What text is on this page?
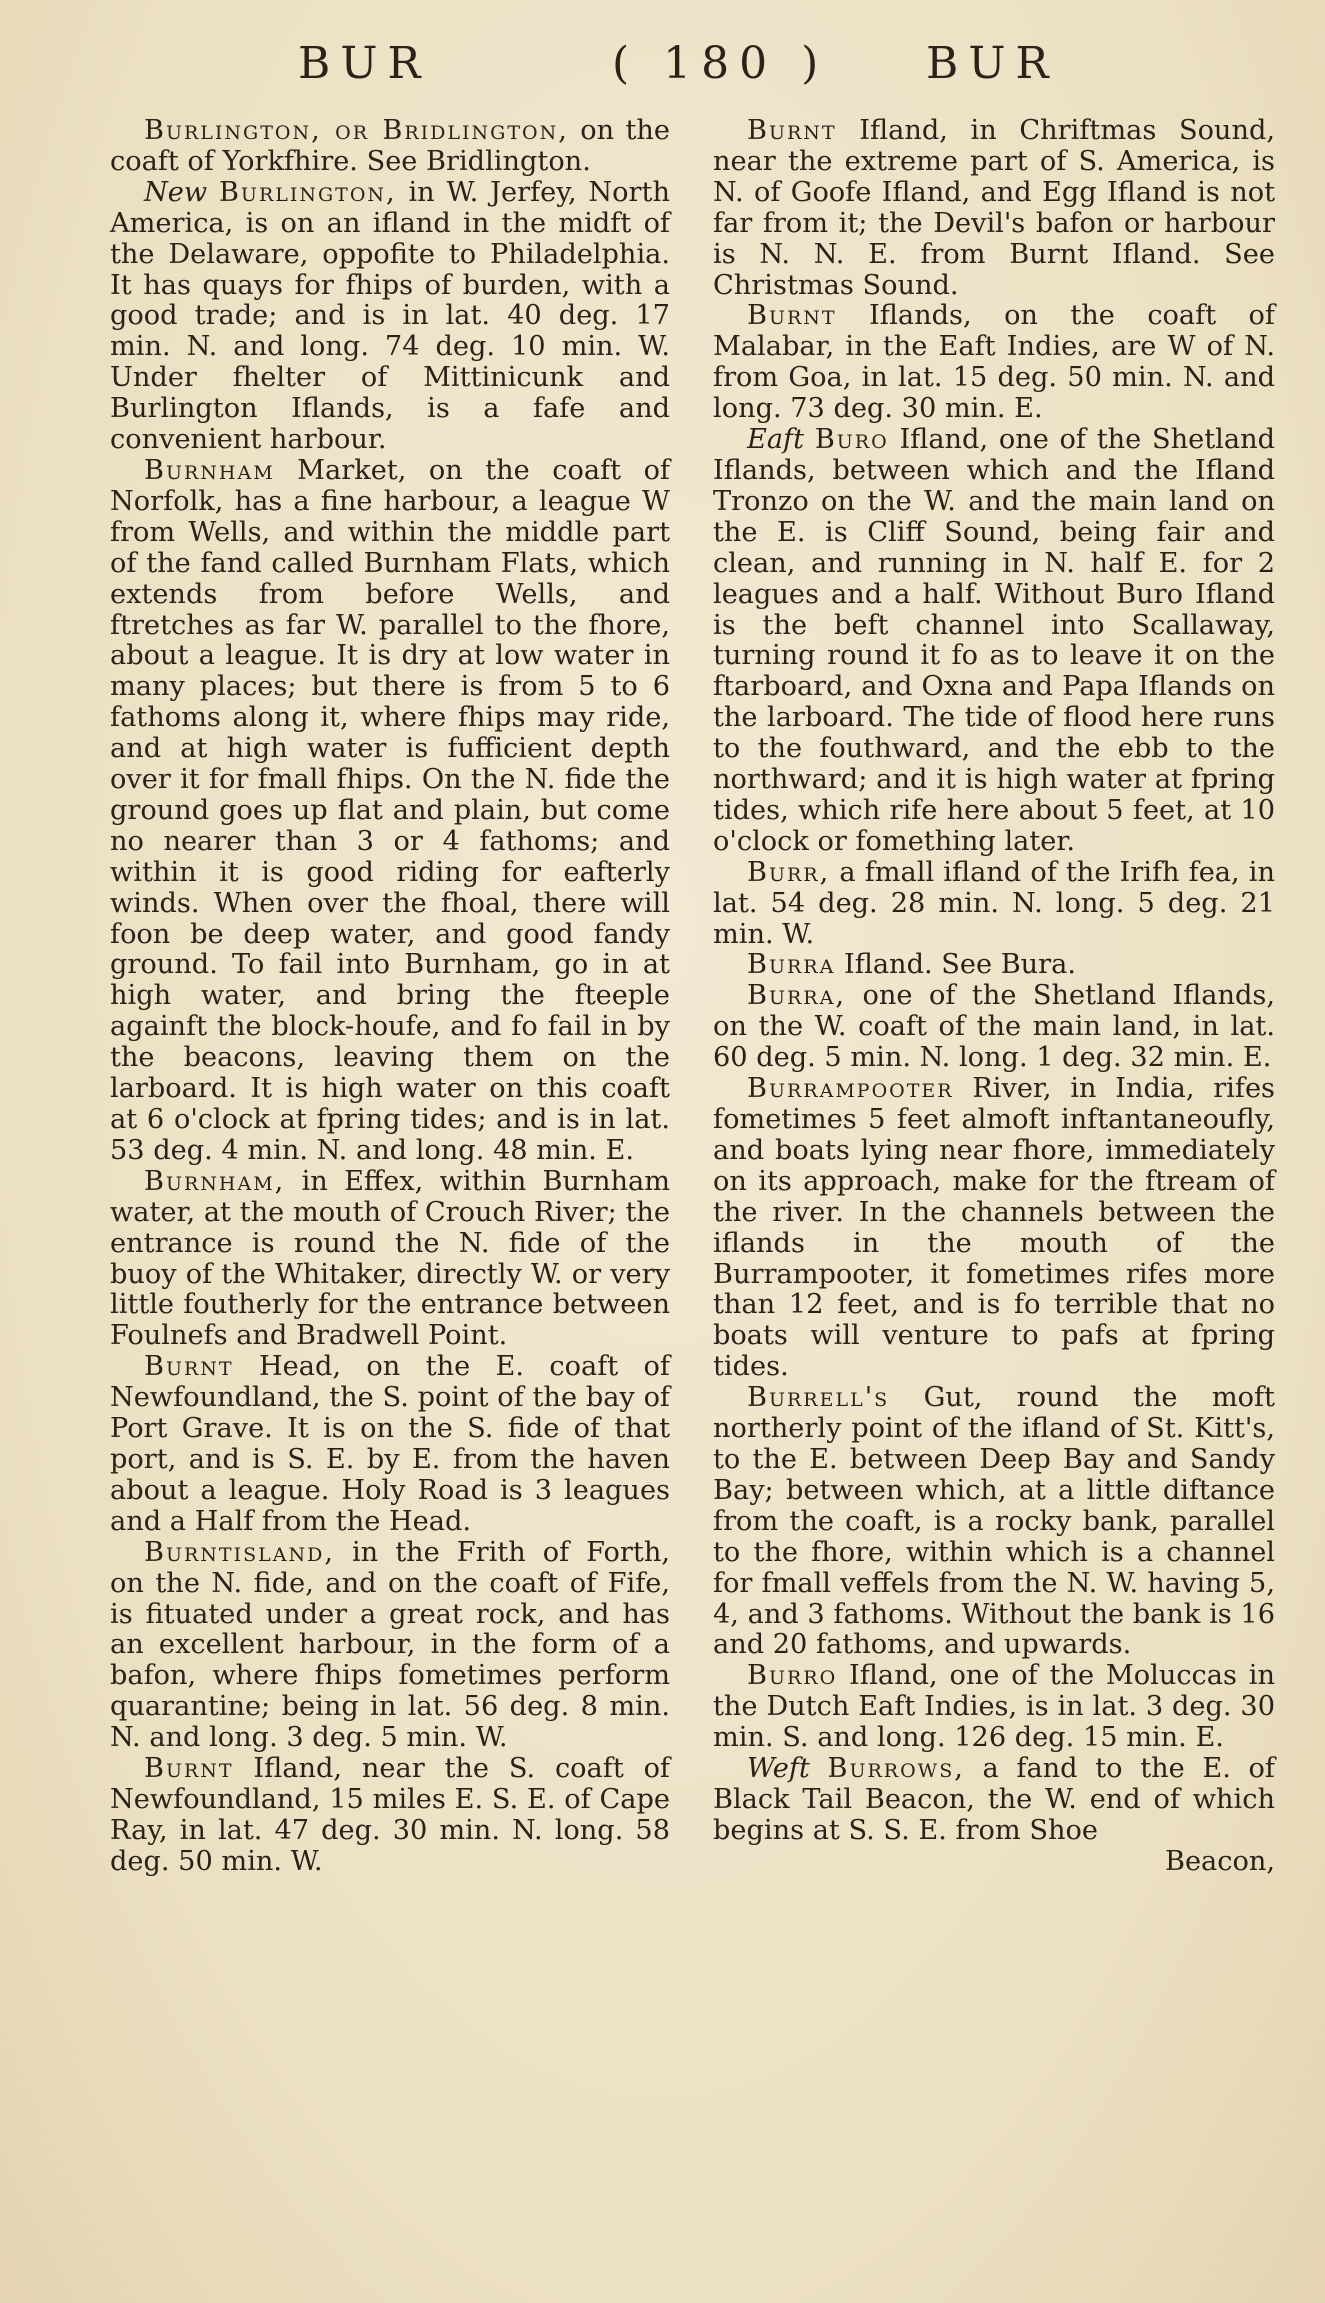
BUR	( 180 ) BUR

Burlington, or Bridlington, on the coaft of Yorkfhire. See Bridlington.

New Burlington, in W. Jerfey, North America, is on an ifland in the midft of the Delaware, oppofite to Philadelphia. It has quays for fhips of burden, with a good trade; and is in lat. 40 deg. 17 min. N. and long. 74 deg. 10 min. W. Under fhelter of Mittinicunk and Burlington Iflands, is a fafe and convenient harbour.

Burnham Market, on the coaft of Norfolk, has a fine harbour, a league W from Wells, and within the middle part of the fand called Burnham Flats, which extends from before Wells, and ftretches as far W. parallel to the fhore, about a league. It is dry at low water in many places; but there is from 5 to 6 fathoms along it, where fhips may ride, and at high water is fufficient depth over it for fmall fhips. On the N. fide the ground goes up flat and plain, but come no nearer than 3 or 4 fathoms; and within it is good riding for eafterly winds. When over the fhoal, there will foon be deep water, and good fandy ground. To fail into Burnham, go in at high water, and bring the fteeple againft the block-houfe, and fo fail in by the beacons, leaving them on the larboard. It is high water on this coaft at 6 o'clock at fpring tides; and is in lat. 53 deg. 4 min. N. and long. 48 min. E.

Burnham, in Effex, within Burnham water, at the mouth of Crouch River; the entrance is round the N. fide of the buoy of the Whitaker, directly W. or very little foutherly for the entrance between Foulnefs and Bradwell Point.

Burnt Head, on the E. coaft of Newfoundland, the S. point of the bay of Port Grave. It is on the S. fide of that port, and is S. E. by E. from the haven about a league. Holy Road is 3 leagues and a Half from the Head.

Burntisland, in the Frith of Forth, on the N. fide, and on the coaft of Fife, is fituated under a great rock, and has an excellent harbour, in the form of a bafon, where fhips fometimes perform quarantine; being in lat. 56 deg. 8 min. N. and long. 3 deg. 5 min. W.

Burnt Ifland, near the S. coaft of Newfoundland, 15 miles E. S. E. of Cape Ray, in lat. 47 deg. 30 min. N. long. 58 deg. 50 min. W.

Burnt Ifland, in Chriftmas Sound, near the extreme part of S. America, is N. of Goofe Ifland, and Egg Ifland is not far from it; the Devil's bafon or harbour is N. N. E. from Burnt Ifland. See Christmas Sound.

Burnt Iflands, on the coaft of Malabar, in the Eaft Indies, are W of N. from Goa, in lat. 15 deg. 50 min. N. and long. 73 deg. 30 min. E.

Eaft Buro Ifland, one of the Shetland Iflands, between which and the Ifland Tronzo on the W. and the main land on the E. is Cliff Sound, being fair and clean, and running in N. half E. for 2 leagues and a half. Without Buro Ifland is the beft channel into Scallaway, turning round it fo as to leave it on the ftarboard, and Oxna and Papa Iflands on the larboard. The tide of flood here runs to the fouthward, and the ebb to the northward; and it is high water at fpring tides, which rife here about 5 feet, at 10 o'clock or fomething later.

Burr, a fmall ifland of the Irifh fea, in lat. 54 deg. 28 min. N. long. 5 deg. 21 min. W.

Burra Ifland. See Bura.

Burra, one of the Shetland Iflands, on the W. coaft of the main land, in lat. 60 deg. 5 min. N. long. 1 deg. 32 min. E.

Burrampooter River, in India, rifes fometimes 5 feet almoft inftantaneoufly, and boats lying near fhore, immediately on its approach, make for the ftream of the river. In the channels between the iflands in the mouth of the Burrampooter, it fometimes rifes more than 12 feet, and is fo terrible that no boats will venture to pafs at fpring tides.

Burrell's Gut, round the moft northerly point of the ifland of St. Kitt's, to the E. between Deep Bay and Sandy Bay; between which, at a little diftance from the coaft, is a rocky bank, parallel to the fhore, within which is a channel for fmall veffels from the N. W. having 5, 4, and 3 fathoms. Without the bank is 16 and 20 fathoms, and upwards.

Burro Ifland, one of the Moluccas in the Dutch Eaft Indies, is in lat. 3 deg. 30 min. S. and long. 126 deg. 15 min. E.

Weft Burrows, a fand to the E. of Black Tail Beacon, the W. end of which begins at S. S. E. from Shoe

Beacon,
